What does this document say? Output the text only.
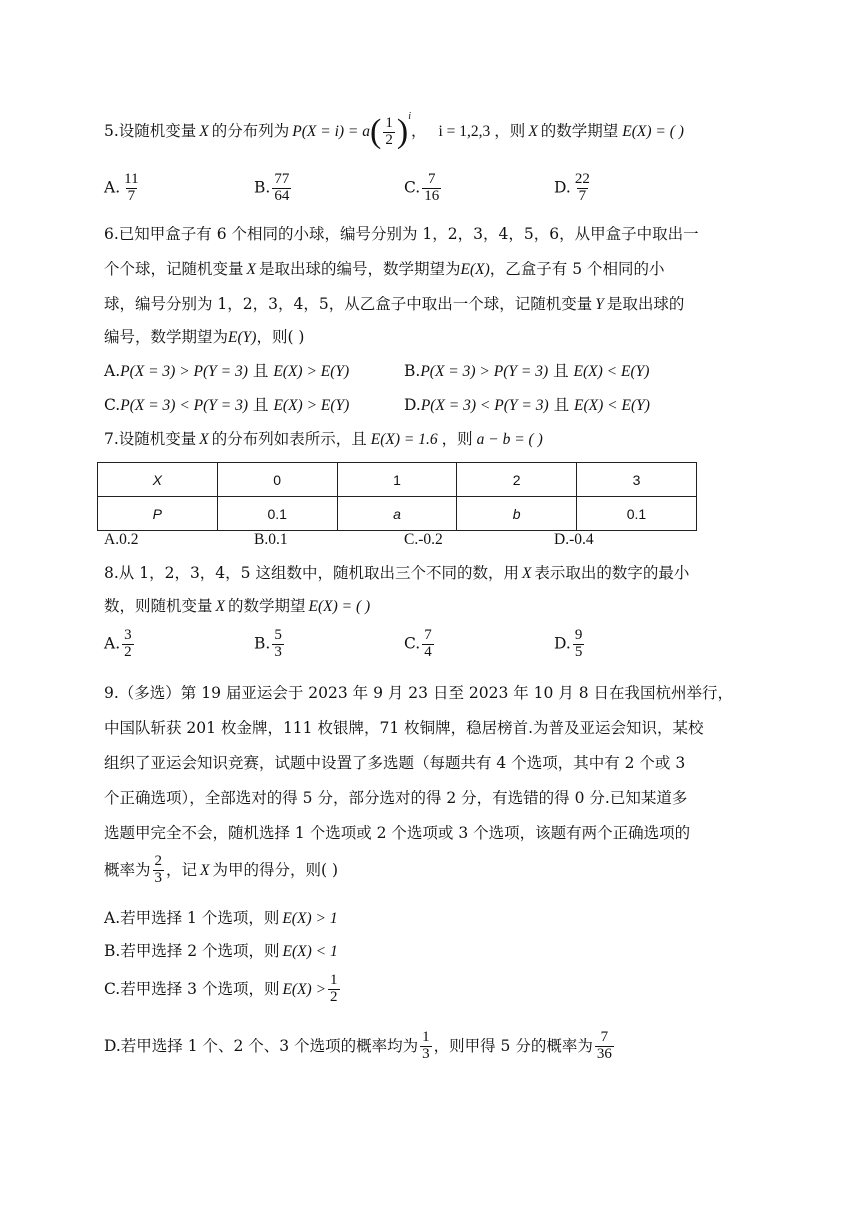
5.设随机变量 X 的分布列为 P(X = i) = a ( $\frac{1}{2} )^i$
， i = 1,2,3 ，则 X 的数学期望 E(X) = ( )
A. $\frac{11}{7}$	B. $\frac{77}{64}$	C. $\frac{7}{16}$	D. $\frac{22}{7}$
6.已知甲盒子有 6 个相同的小球，编号分别为 1，2，3，4，5，6，从甲盒子中取出一
个个球，记随机变量 X 是取出球的编号，数学期望为E(X)，乙盒子有 5 个相同的小
球，编号分别为 1，2，3，4，5，从乙盒子中取出一个球，记随机变量 Y 是取出球的
编号，数学期望为E(Y)，则( )
A.P(X = 3) > P(Y = 3) 且 E(X) > E(Y)	B.P(X = 3) > P(Y = 3) 且 E(X) < E(Y)
C.P(X = 3) < P(Y = 3) 且 E(X) > E(Y)	D.P(X = 3) < P(Y = 3) 且 E(X) < E(Y)
7.设随机变量 X 的分布列如表所示，且 E(X) = 1.6 ，则 a − b = ( )
X	0	1	2	3
P	0.1	a	b	0.1
A.0.2	B.0.1	C.-0.2	D.-0.4
8.从 1，2，3，4，5 这组数中，随机取出三个不同的数，用 X 表示取出的数字的最小
数，则随机变量 X 的数学期望 E(X) = ( )
A. $\frac{3}{2}$	B. $\frac{5}{3}$	C. $\frac{7}{4}$	D. $\frac{9}{5}$
9.（多选）第 19 届亚运会于 2023 年 9 月 23 日至 2023 年 10 月 8 日在我国杭州举行，
中国队斩获 201 枚金牌，111 枚银牌，71 枚铜牌，稳居榜首.为普及亚运会知识，某校
组织了亚运会知识竞赛，试题中设置了多选题（每题共有 4 个选项，其中有 2 个或 3
个正确选项），全部选对的得 5 分，部分选对的得 2 分，有选错的得 0 分.已知某道多
选题甲完全不会，随机选择 1 个选项或 2 个选项或 3 个选项，该题有两个正确选项的
概率为 $\frac{2}{3}$ ，记 X 为甲的得分，则( )
A.若甲选择 1 个选项，则 E(X) > 1
B.若甲选择 2 个选项，则 E(X) < 1
C.若甲选择 3 个选项，则 $E(X) > \frac{1}{2}$
D.若甲选择 1 个、2 个、3 个选项的概率均为 $\frac{1}{3}$ ，则甲得 5 分的概率为 $\frac{7}{36}$
